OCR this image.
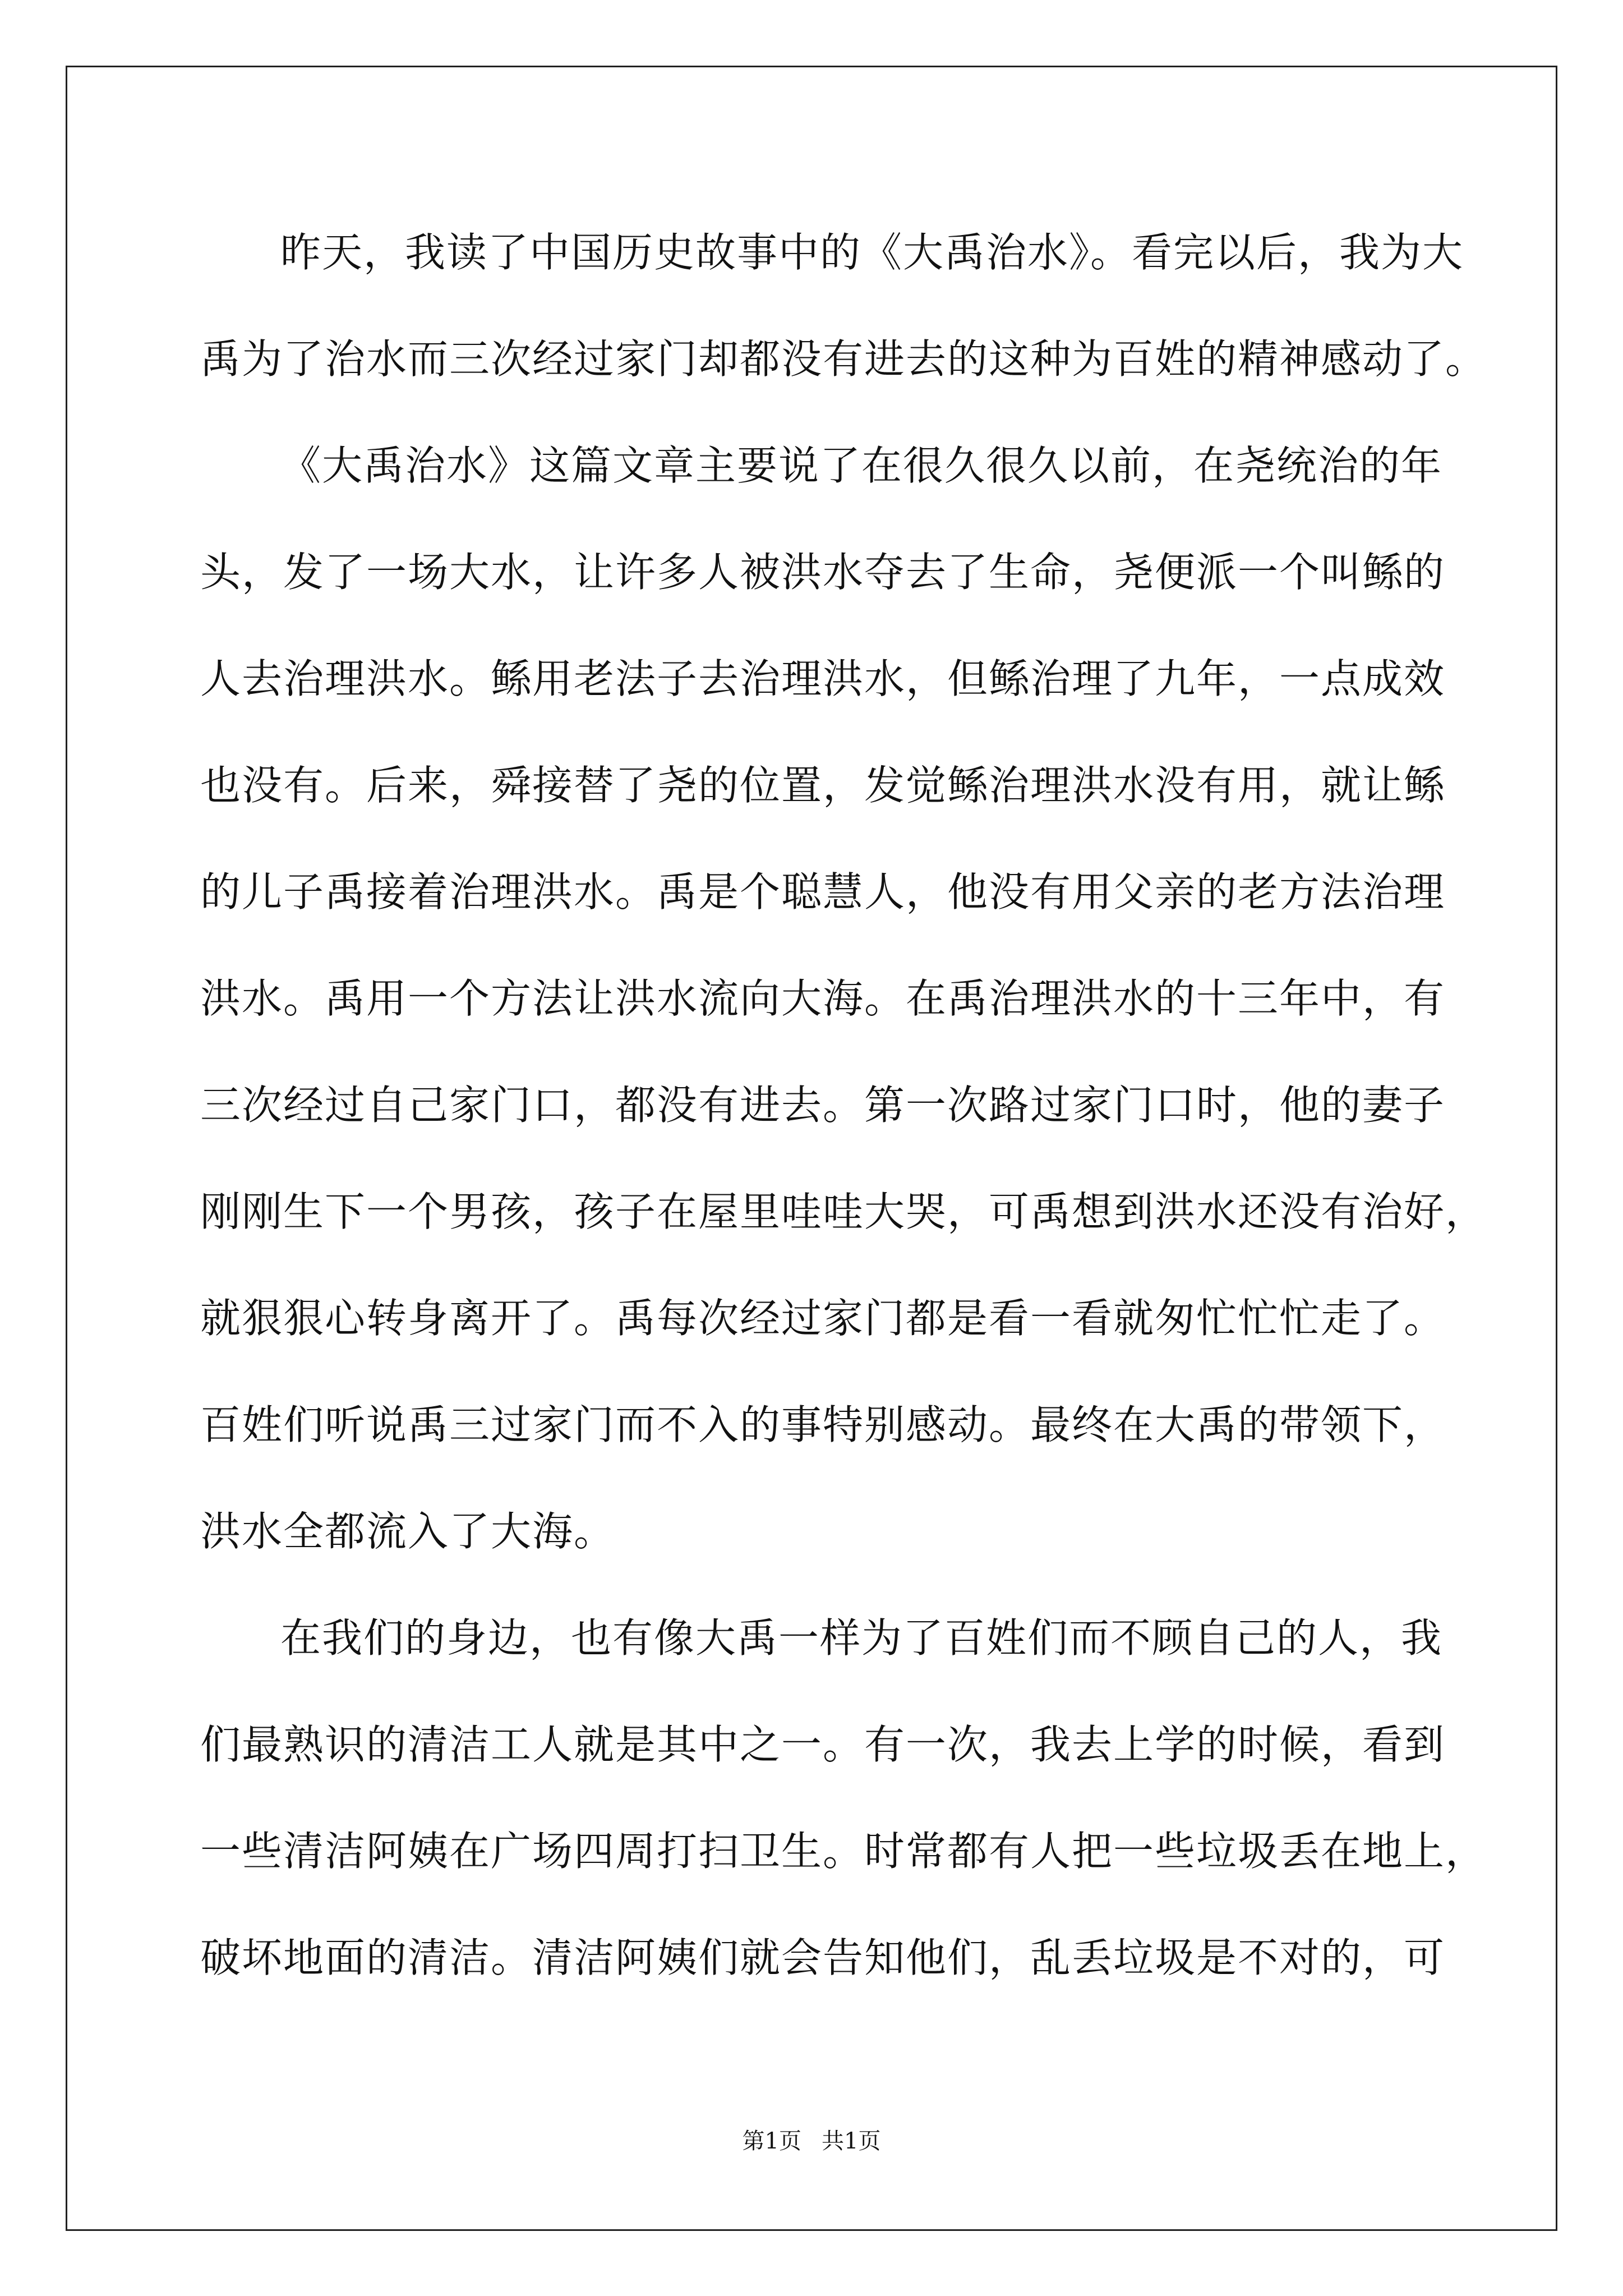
昨天，我读了中国历史故事中的《大禹治水》。看完以后，我为大
禹为了治水而三次经过家门却都没有进去的这种为百姓的精神感动了。
《大禹治水》这篇文章主要说了在很久很久以前，在尧统治的年
头，发了一场大水，让许多人被洪水夺去了生命，尧便派一个叫鲧的
人去治理洪水。鲧用老法子去治理洪水，但鲧治理了九年，一点成效
也没有。后来，舜接替了尧的位置，发觉鲧治理洪水没有用，就让鲧
的儿子禹接着治理洪水。禹是个聪慧人，他没有用父亲的老方法治理
洪水。禹用一个方法让洪水流向大海。在禹治理洪水的十三年中，有
三次经过自己家门口，都没有进去。第一次路过家门口时，他的妻子
刚刚生下一个男孩，孩子在屋里哇哇大哭，可禹想到洪水还没有治好，
就狠狠心转身离开了。禹每次经过家门都是看一看就匆忙忙忙走了。
百姓们听说禹三过家门而不入的事特别感动。最终在大禹的带领下，
洪水全都流入了大海。
在我们的身边，也有像大禹一样为了百姓们而不顾自己的人，我
们最熟识的清洁工人就是其中之一。有一次，我去上学的时候，看到
一些清洁阿姨在广场四周打扫卫生。时常都有人把一些垃圾丢在地上，
破坏地面的清洁。清洁阿姨们就会告知他们，乱丢垃圾是不对的，可
第1页 共1页
